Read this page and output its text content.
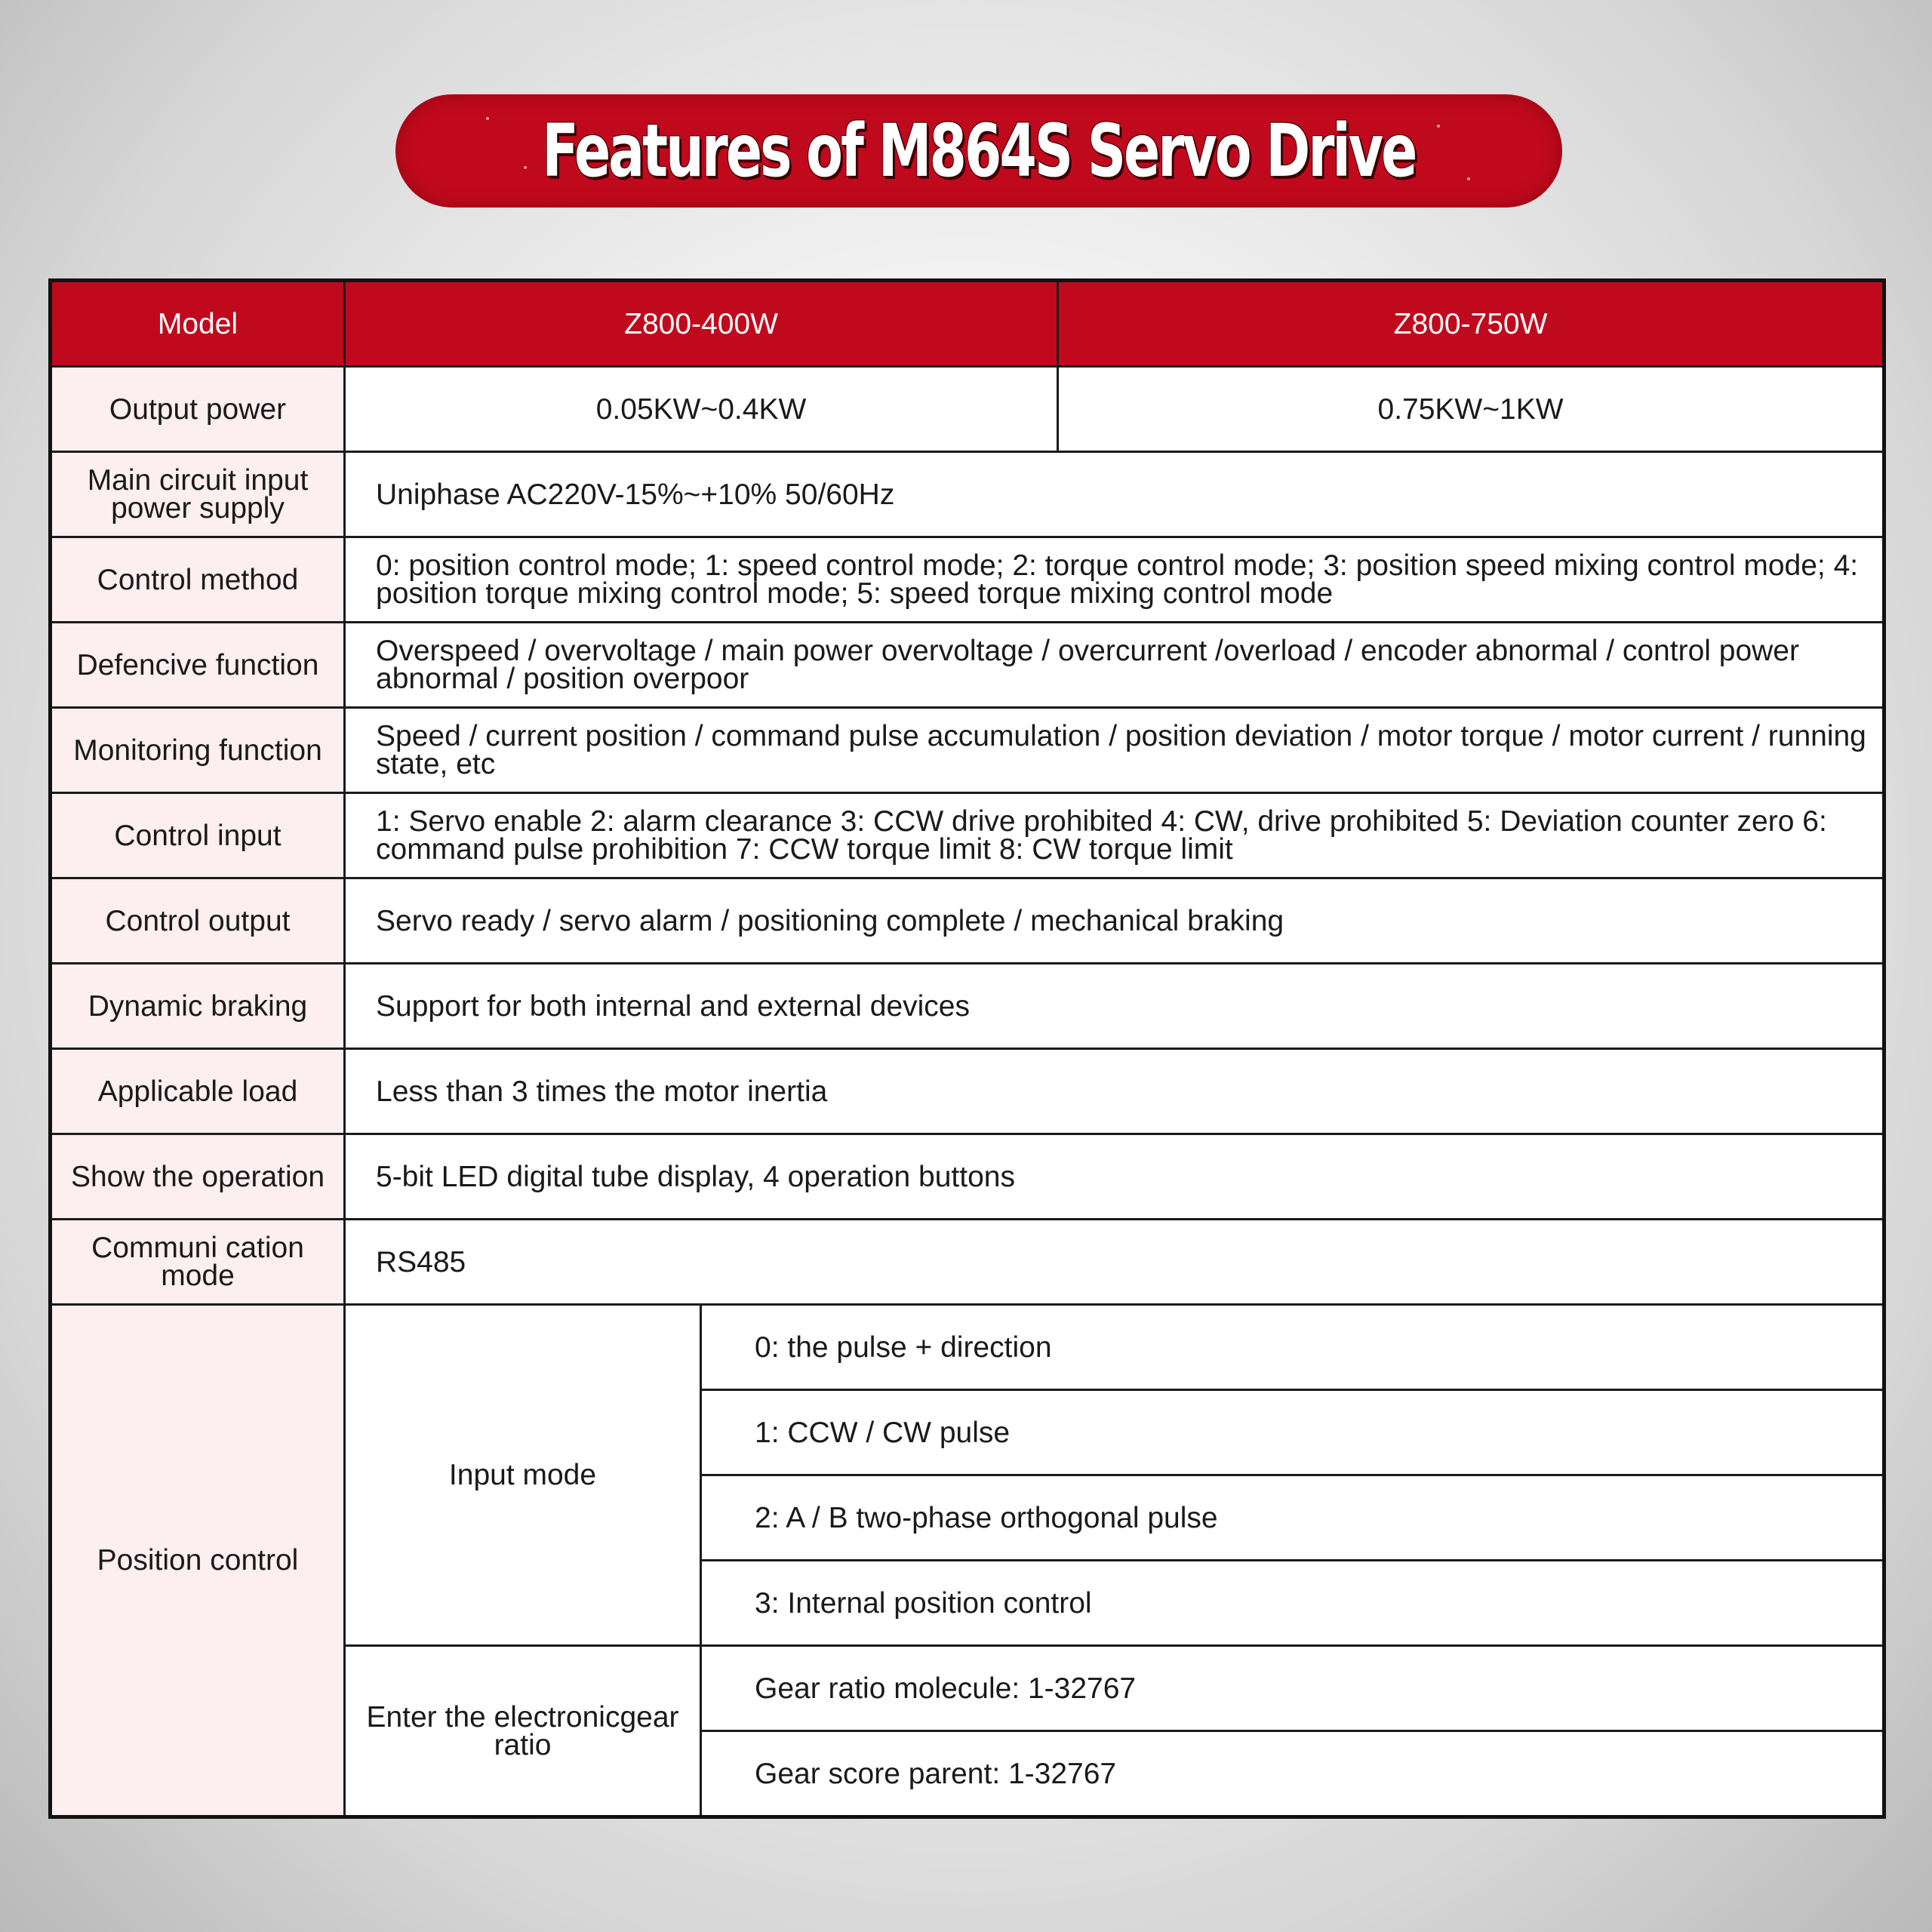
Features of M864S Servo Drive
Model	Z800-400W		Z800-750W
Output power	0.05KW~0.4KW		0.75KW~1KW
Main circuit input power supply	Uniphase AC220V-15%~+10% 50/60Hz		
Control method	0: position control mode; 1: speed control mode; 2: torque control mode; 3: position speed mixing control mode; 4: position torque mixing control mode; 5: speed torque mixing control mode		
Defencive function	Overspeed / overvoltage / main power overvoltage / overcurrent /overload / encoder abnormal / control power abnormal / position overpoor		
Monitoring function	Speed / current position / command pulse accumulation / position deviation / motor torque / motor current / running state, etc		
Control input	1: Servo enable 2: alarm clearance 3: CCW drive prohibited 4: CW, drive prohibited 5: Deviation counter zero 6: command pulse prohibition 7: CCW torque limit 8: CW torque limit		
Control output	Servo ready / servo alarm / positioning complete / mechanical braking		
Dynamic braking	Support for both internal and external devices		
Applicable load	Less than 3 times the motor inertia		
Show the operation	5-bit LED digital tube display, 4 operation buttons		
Communi cation mode	RS485		
Position control	Input mode	0: the pulse + direction	
		1: CCW / CW pulse	
		2: A / B two-phase orthogonal pulse	
		3: Internal position control	
	Enter the electronicgear ratio	Gear ratio molecule: 1-32767	
		Gear score parent: 1-32767	
